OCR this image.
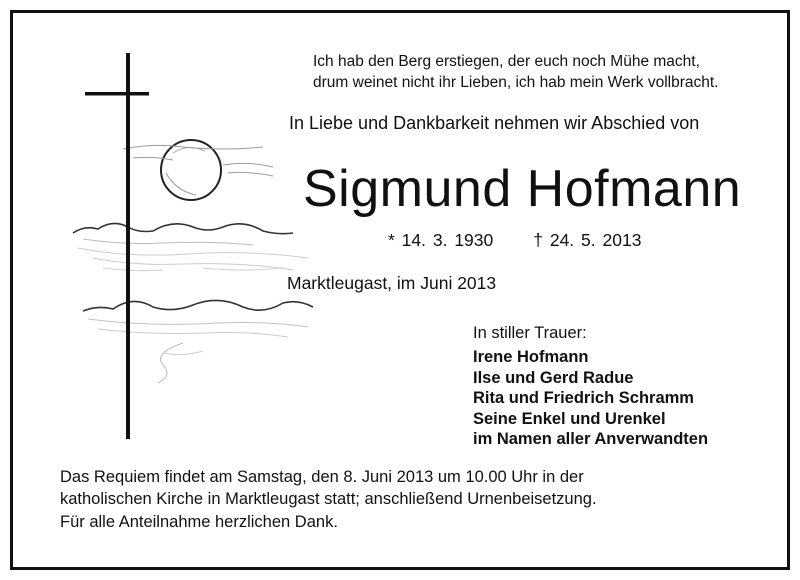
Ich hab den Berg erstiegen, der euch noch Mühe macht,
drum weinet nicht ihr Lieben, ich hab mein Werk vollbracht.
In Liebe und Dankbarkeit nehmen wir Abschied von
Sigmund Hofmann
* 14. 3. 1930 † 24. 5. 2013
Marktleugast, im Juni 2013
In stiller Trauer:
Irene Hofmann
Ilse und Gerd Radue
Rita und Friedrich Schramm
Seine Enkel und Urenkel
im Namen aller Anverwandten
Das Requiem findet am Samstag, den 8. Juni 2013 um 10.00 Uhr in der
katholischen Kirche in Marktleugast statt; anschließend Urnenbeisetzung.
Für alle Anteilnahme herzlichen Dank.
